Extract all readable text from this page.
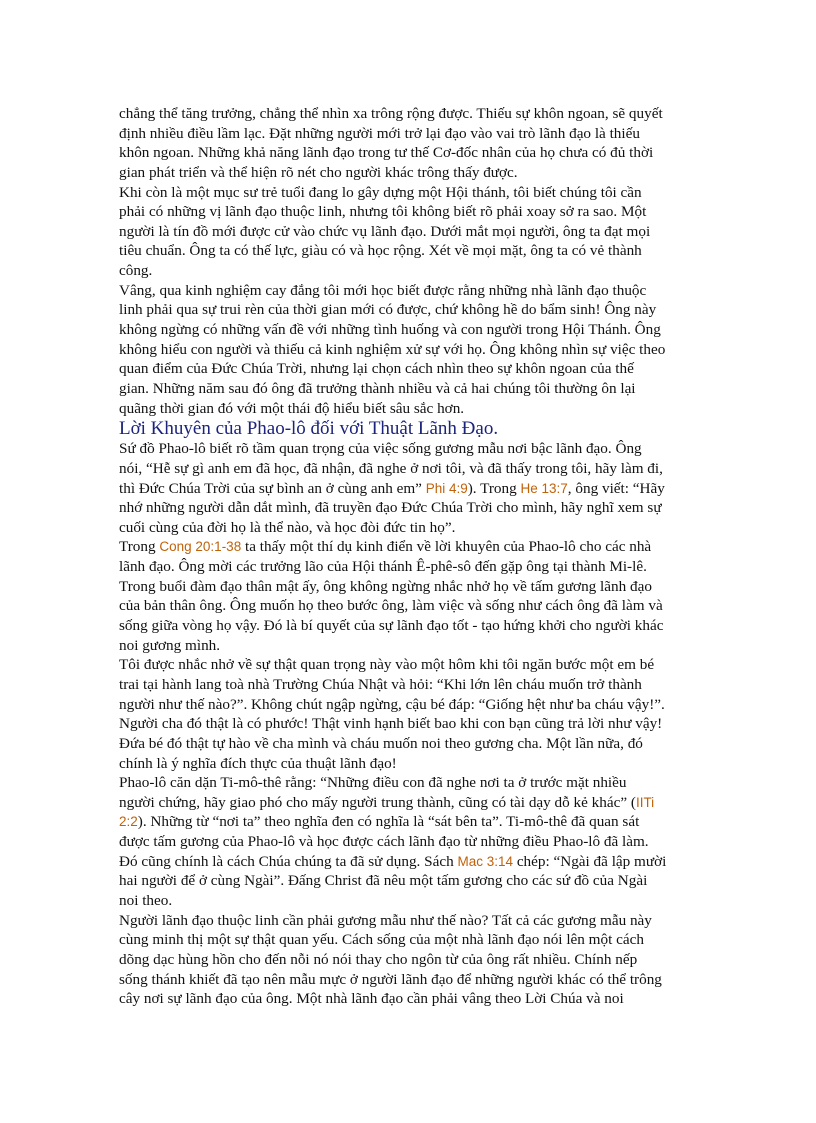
chẳng thể tăng trưởng, chẳng thể nhìn xa trông rộng được. Thiếu sự khôn ngoan, sẽ quyết
định nhiều điều lầm lạc. Đặt những người mới trở lại đạo vào vai trò lãnh đạo là thiếu
khôn ngoan. Những khả năng lãnh đạo trong tư thế Cơ-đốc nhân của họ chưa có đủ thời
gian phát triển và thể hiện rõ nét cho người khác trông thấy được.
Khi còn là một mục sư trẻ tuổi đang lo gây dựng một Hội thánh, tôi biết chúng tôi cần
phải có những vị lãnh đạo thuộc linh, nhưng tôi không biết rõ phải xoay sở ra sao. Một
người là tín đồ mới được cử vào chức vụ lãnh đạo. Dưới mắt mọi người, ông ta đạt mọi
tiêu chuẩn. Ông ta có thế lực, giàu có và học rộng. Xét về mọi mặt, ông ta có vẻ thành
công.
Vâng, qua kinh nghiệm cay đắng tôi mới học biết được rằng những nhà lãnh đạo thuộc
linh phải qua sự trui rèn của thời gian mới có được, chứ không hề do bẩm sinh! Ông này
không ngừng có những vấn đề với những tình huống và con người trong Hội Thánh. Ông
không hiểu con người và thiếu cả kinh nghiệm xử sự với họ. Ông không nhìn sự việc theo
quan điểm của Đức Chúa Trời, nhưng lại chọn cách nhìn theo sự khôn ngoan của thế
gian. Những năm sau đó ông đã trưởng thành nhiều và cả hai chúng tôi thường ôn lại
quãng thời gian đó với một thái độ hiểu biết sâu sắc hơn.
Lời Khuyên của Phao-lô đối với Thuật Lãnh Đạo.
Sứ đồ Phao-lô biết rõ tầm quan trọng của việc sống gương mẫu nơi bậc lãnh đạo. Ông
nói, “Hễ sự gì anh em đã học, đã nhận, đã nghe ở nơi tôi, và đã thấy trong tôi, hãy làm đi,
thì Đức Chúa Trời của sự bình an ở cùng anh em” Phi 4:9). Trong He 13:7, ông viết: “Hãy
nhớ những người dẫn dắt mình, đã truyền đạo Đức Chúa Trời cho mình, hãy nghĩ xem sự
cuối cùng của đời họ là thể nào, và học đòi đức tin họ”.
Trong Cong 20:1-38 ta thấy một thí dụ kinh điển về lời khuyên của Phao-lô cho các nhà
lãnh đạo. Ông mời các trưởng lão của Hội thánh Ê-phê-sô đến gặp ông tại thành Mi-lê.
Trong buổi đàm đạo thân mật ấy, ông không ngừng nhắc nhở họ về tấm gương lãnh đạo
của bản thân ông. Ông muốn họ theo bước ông, làm việc và sống như cách ông đã làm và
sống giữa vòng họ vậy. Đó là bí quyết của sự lãnh đạo tốt - tạo hứng khởi cho người khác
noi gương mình.
Tôi được nhắc nhở về sự thật quan trọng này vào một hôm khi tôi ngăn bước một em bé
trai tại hành lang toà nhà Trường Chúa Nhật và hỏi: “Khi lớn lên cháu muốn trở thành
người như thế nào?”. Không chút ngập ngừng, cậu bé đáp: “Giống hệt như ba cháu vậy!”.
Người cha đó thật là có phước! Thật vinh hạnh biết bao khi con bạn cũng trả lời như vậy!
Đứa bé đó thật tự hào về cha mình và cháu muốn noi theo gương cha. Một lần nữa, đó
chính là ý nghĩa đích thực của thuật lãnh đạo!
Phao-lô căn dặn Ti-mô-thê rằng: “Những điều con đã nghe nơi ta ở trước mặt nhiều
người chứng, hãy giao phó cho mấy người trung thành, cũng có tài dạy dỗ kẻ khác” (IITi
2:2). Những từ “nơi ta” theo nghĩa đen có nghĩa là “sát bên ta”. Ti-mô-thê đã quan sát
được tấm gương của Phao-lô và học được cách lãnh đạo từ những điều Phao-lô đã làm.
Đó cũng chính là cách Chúa chúng ta đã sử dụng. Sách Mac 3:14 chép: “Ngài đã lập mười
hai người để ở cùng Ngài”. Đấng Christ đã nêu một tấm gương cho các sứ đồ của Ngài
noi theo.
Người lãnh đạo thuộc linh cần phải gương mẫu như thế nào? Tất cả các gương mẫu này
cùng minh thị một sự thật quan yếu. Cách sống của một nhà lãnh đạo nói lên một cách
dõng dạc hùng hồn cho đến nỗi nó nói thay cho ngôn từ của ông rất nhiều. Chính nếp
sống thánh khiết đã tạo nên mẫu mực ở người lãnh đạo để những người khác có thể trông
cây nơi sự lãnh đạo của ông. Một nhà lãnh đạo cần phải vâng theo Lời Chúa và noi
